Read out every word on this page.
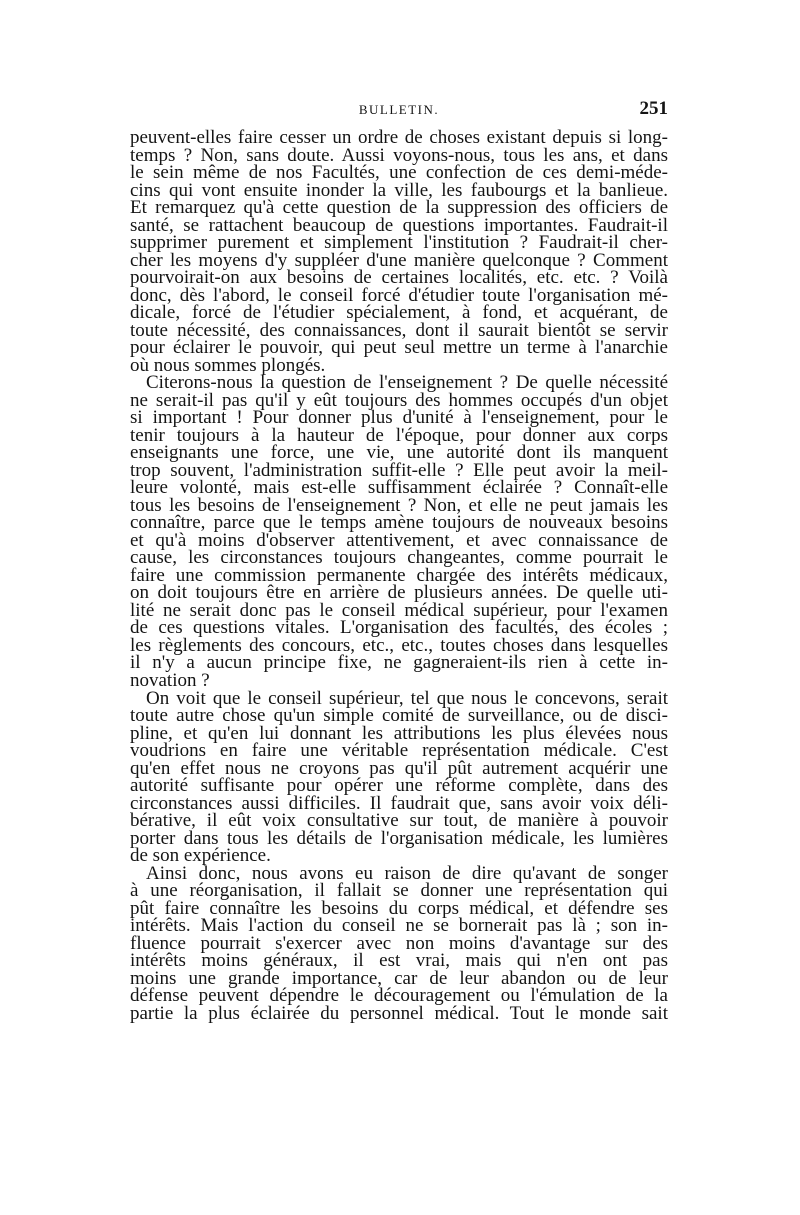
BULLETIN.	251
peuvent-elles faire cesser un ordre de choses existant depuis si long-
temps ? Non, sans doute. Aussi voyons-nous, tous les ans, et dans
le sein même de nos Facultés, une confection de ces demi-méde-
cins qui vont ensuite inonder la ville, les faubourgs et la banlieue.
Et remarquez qu'à cette question de la suppression des officiers de
santé, se rattachent beaucoup de questions importantes. Faudrait-il
supprimer purement et simplement l'institution ? Faudrait-il cher-
cher les moyens d'y suppléer d'une manière quelconque ? Comment
pourvoirait-on aux besoins de certaines localités, etc. etc. ? Voilà
donc, dès l'abord, le conseil forcé d'étudier toute l'organisation mé-
dicale, forcé de l'étudier spécialement, à fond, et acquérant, de
toute nécessité, des connaissances, dont il saurait bientôt se servir
pour éclairer le pouvoir, qui peut seul mettre un terme à l'anarchie
où nous sommes plongés.
Citerons-nous la question de l'enseignement ? De quelle nécessité
ne serait-il pas qu'il y eût toujours des hommes occupés d'un objet
si important ! Pour donner plus d'unité à l'enseignement, pour le
tenir toujours à la hauteur de l'époque, pour donner aux corps
enseignants une force, une vie, une autorité dont ils manquent
trop souvent, l'administration suffit-elle ? Elle peut avoir la meil-
leure volonté, mais est-elle suffisamment éclairée ? Connaît-elle
tous les besoins de l'enseignement ? Non, et elle ne peut jamais les
connaître, parce que le temps amène toujours de nouveaux besoins
et qu'à moins d'observer attentivement, et avec connaissance de
cause, les circonstances toujours changeantes, comme pourrait le
faire une commission permanente chargée des intérêts médicaux,
on doit toujours être en arrière de plusieurs années. De quelle uti-
lité ne serait donc pas le conseil médical supérieur, pour l'examen
de ces questions vitales. L'organisation des facultés, des écoles ;
les règlements des concours, etc., etc., toutes choses dans lesquelles
il n'y a aucun principe fixe, ne gagneraient-ils rien à cette in-
novation ?
On voit que le conseil supérieur, tel que nous le concevons, serait
toute autre chose qu'un simple comité de surveillance, ou de disci-
pline, et qu'en lui donnant les attributions les plus élevées nous
voudrions en faire une véritable représentation médicale. C'est
qu'en effet nous ne croyons pas qu'il pût autrement acquérir une
autorité suffisante pour opérer une réforme complète, dans des
circonstances aussi difficiles. Il faudrait que, sans avoir voix déli-
bérative, il eût voix consultative sur tout, de manière à pouvoir
porter dans tous les détails de l'organisation médicale, les lumières
de son expérience.
Ainsi donc, nous avons eu raison de dire qu'avant de songer
à une réorganisation, il fallait se donner une représentation qui
pût faire connaître les besoins du corps médical, et défendre ses
intérêts. Mais l'action du conseil ne se bornerait pas là ; son in-
fluence pourrait s'exercer avec non moins d'avantage sur des
intérêts moins généraux, il est vrai, mais qui n'en ont pas
moins une grande importance, car de leur abandon ou de leur
défense peuvent dépendre le découragement ou l'émulation de la
partie la plus éclairée du personnel médical. Tout le monde sait
